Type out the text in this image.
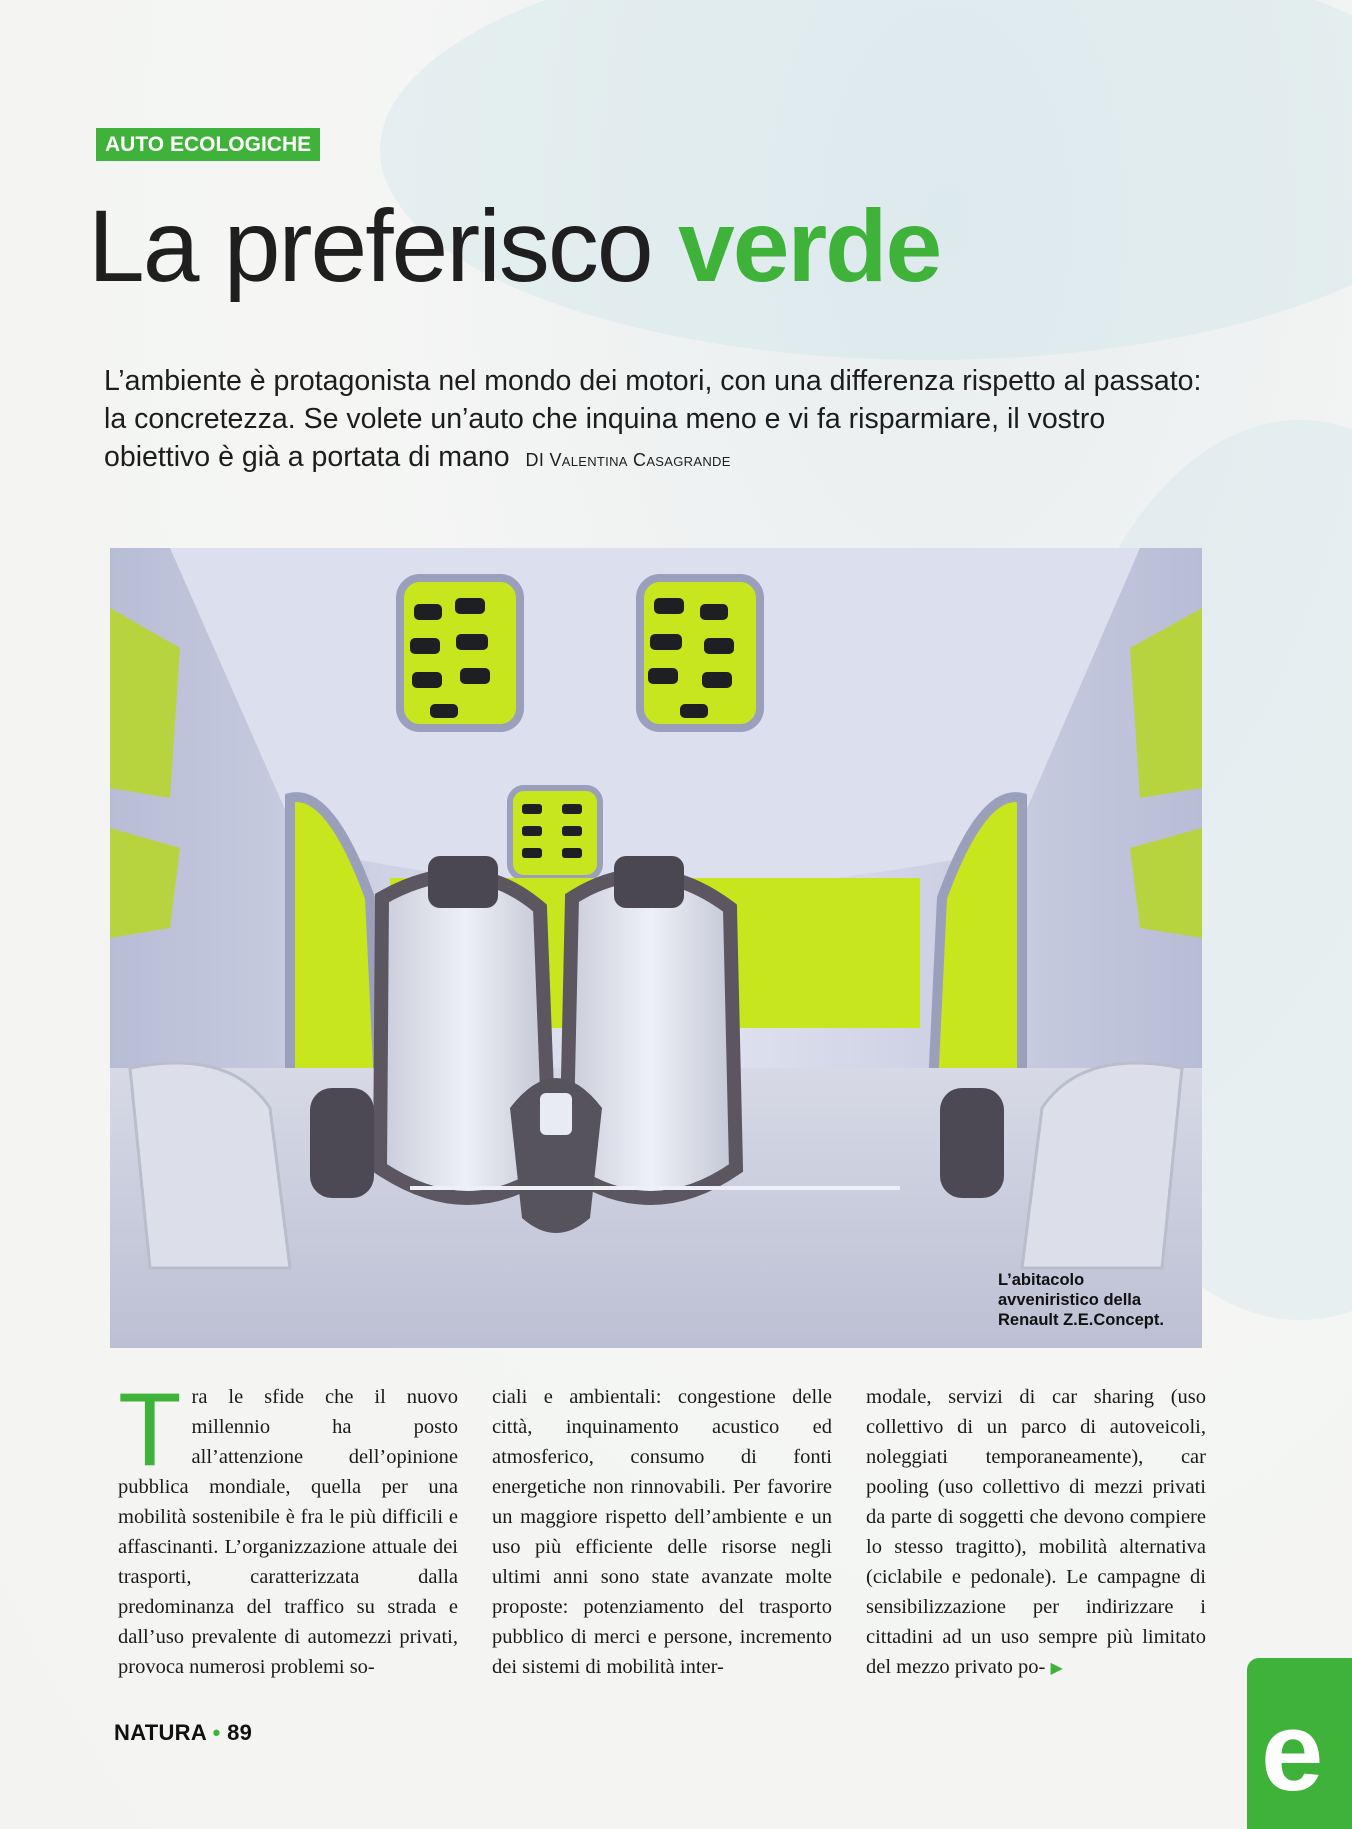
AUTO ECOLOGICHE
La preferisco verde
L’ambiente è protagonista nel mondo dei motori, con una differenza rispetto al passato: la concretezza. Se volete un’auto che inquina meno e vi fa risparmiare, il vostro obiettivo è già a portata di mano DI Valentina Casagrande
L’abitacolo avveniristico della Renault Z.E.Concept.
Tra le sfide che il nuovo millennio ha posto all’attenzione dell’opinione pubblica mondiale, quella per una mobilità sostenibile è fra le più difficili e affascinanti. L’organizzazione attuale dei trasporti, caratterizzata dalla predominanza del traffico su strada e dall’uso prevalente di automezzi privati, provoca numerosi problemi so-
ciali e ambientali: congestione delle città, inquinamento acustico ed atmosferico, consumo di fonti energetiche non rinnovabili. Per favorire un maggiore rispetto dell’ambiente e un uso più efficiente delle risorse negli ultimi anni sono state avanzate molte proposte: potenziamento del trasporto pubblico di merci e persone, incremento dei sistemi di mobilità inter-
modale, servizi di car sharing (uso collettivo di un parco di autoveicoli, noleggiati temporaneamente), car pooling (uso collettivo di mezzi privati da parte di soggetti che devono compiere lo stesso tragitto), mobilità alternativa (ciclabile e pedonale). Le campagne di sensibilizzazione per indirizzare i cittadini ad un uso sempre più limitato del mezzo privato po- ▶
NATURA • 89	e
